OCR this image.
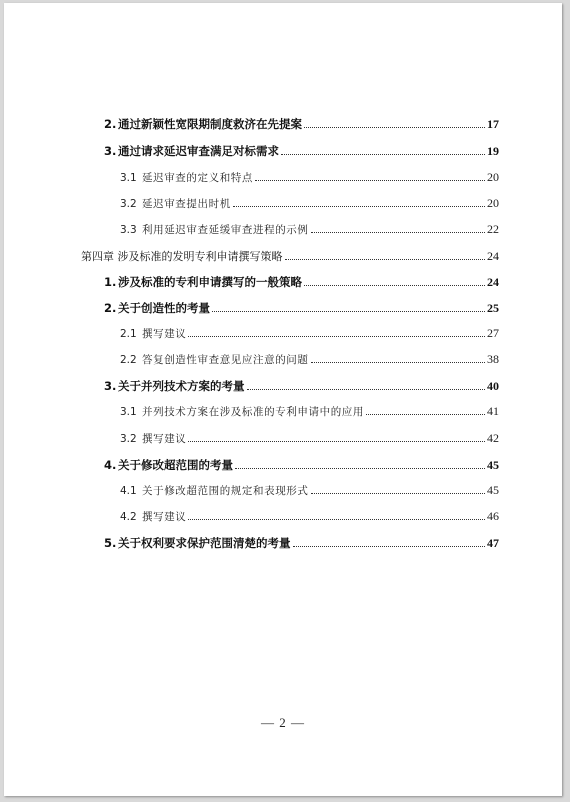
2. 通过新颖性宽限期制度救济在先提案	17
3. 通过请求延迟审查满足对标需求	19
3.1 延迟审查的定义和特点	20
3.2 延迟审查提出时机	20
3.3 利用延迟审查延缓审查进程的示例	22
第四章 涉及标准的发明专利申请撰写策略	24
1. 涉及标准的专利申请撰写的一般策略	24
2. 关于创造性的考量	25
2.1 撰写建议	27
2.2 答复创造性审查意见应注意的问题	38
3. 关于并列技术方案的考量	40
3.1 并列技术方案在涉及标准的专利申请中的应用	41
3.2 撰写建议	42
4. 关于修改超范围的考量	45
4.1 关于修改超范围的规定和表现形式	45
4.2 撰写建议	46
5. 关于权利要求保护范围清楚的考量	47
— 2 —
